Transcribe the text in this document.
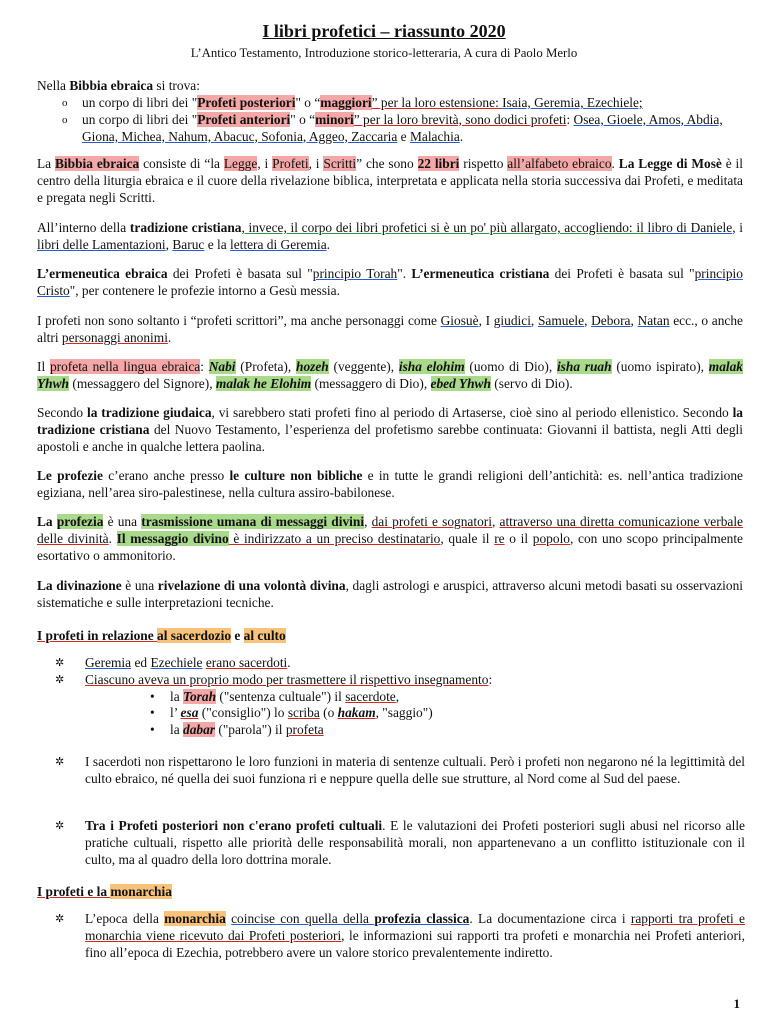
I libri profetici – riassunto 2020
L’Antico Testamento, Introduzione storico-letteraria, A cura di Paolo Merlo
Nella Bibbia ebraica si trova:
o un corpo di libri dei "Profeti posteriori" o “maggiori” per la loro estensione: Isaia, Geremia, Ezechiele;
o un corpo di libri dei "Profeti anteriori" o “minori” per la loro brevità, sono dodici profeti: Osea, Gioele, Amos, Abdia, Giona, Michea, Nahum, Abacuc, Sofonia, Aggeo, Zaccaria e Malachia.
La Bibbia ebraica consiste di “la Legge, i Profeti, i Scritti” che sono 22 libri rispetto all’alfabeto ebraico. La Legge di Mosè è il centro della liturgia ebraica e il cuore della rivelazione biblica, interpretata e applicata nella storia successiva dai Profeti, e meditata e pregata negli Scritti.
All’interno della tradizione cristiana, invece, il corpo dei libri profetici si è un po' più allargato, accogliendo: il libro di Daniele, i libri delle Lamentazioni, Baruc e la lettera di Geremia.
L’ermeneutica ebraica dei Profeti è basata sul "principio Torah". L’ermeneutica cristiana dei Profeti è basata sul "principio Cristo", per contenere le profezie intorno a Gesù messia.
I profeti non sono soltanto i “profeti scrittori”, ma anche personaggi come Giosuè, I giudici, Samuele, Debora, Natan ecc., o anche altri personaggi anonimi.
Il profeta nella lingua ebraica: Nabi (Profeta), hozeh (veggente), isha elohim (uomo di Dio), isha ruah (uomo ispirato), malak Yhwh (messaggero del Signore), malak he Elohim (messaggero di Dio), ebed Yhwh (servo di Dio).
Secondo la tradizione giudaica, vi sarebbero stati profeti fino al periodo di Artaserse, cioè sino al periodo ellenistico. Secondo la tradizione cristiana del Nuovo Testamento, l’esperienza del profetismo sarebbe continuata: Giovanni il battista, negli Atti degli apostoli e anche in qualche lettera paolina.
Le profezie c’erano anche presso le culture non bibliche e in tutte le grandi religioni dell’antichità: es. nell’antica tradizione egiziana, nell’area siro-palestinese, nella cultura assiro-babilonese.
La profezia è una trasmissione umana di messaggi divini, dai profeti e sognatori, attraverso una diretta comunicazione verbale delle divinità. Il messaggio divino è indirizzato a un preciso destinatario, quale il re o il popolo, con uno scopo principalmente esortativo o ammonitorio.
La divinazione è una rivelazione di una volontà divina, dagli astrologi e aruspici, attraverso alcuni metodi basati su osservazioni sistematiche e sulle interpretazioni tecniche.
I profeti in relazione al sacerdozio e al culto
✲ Geremia ed Ezechiele erano sacerdoti.
✲ Ciascuno aveva un proprio modo per trasmettere il rispettivo insegnamento:
• la Torah ("sentenza cultuale") il sacerdote,
• l’ esa ("consiglio") lo scriba (o hakam, "saggio")
• la dabar ("parola") il profeta
✲ I sacerdoti non rispettarono le loro funzioni in materia di sentenze cultuali. Però i profeti non negarono né la legittimità del culto ebraico, né quella dei suoi funziona ri e neppure quella delle sue strutture, al Nord come al Sud del paese.
✲ Tra i Profeti posteriori non c'erano profeti cultuali. E le valutazioni dei Profeti posteriori sugli abusi nel ricorso alle pratiche cultuali, rispetto alle priorità delle responsabilità morali, non appartenevano a un conflitto istituzionale con il culto, ma al quadro della loro dottrina morale.
I profeti e la monarchia
✲ L’epoca della monarchia coincise con quella della profezia classica. La documentazione circa i rapporti tra profeti e monarchia viene ricevuto dai Profeti posteriori, le informazioni sui rapporti tra profeti e monarchia nei Profeti anteriori, fino all’epoca di Ezechia, potrebbero avere un valore storico prevalentemente indiretto.
1
